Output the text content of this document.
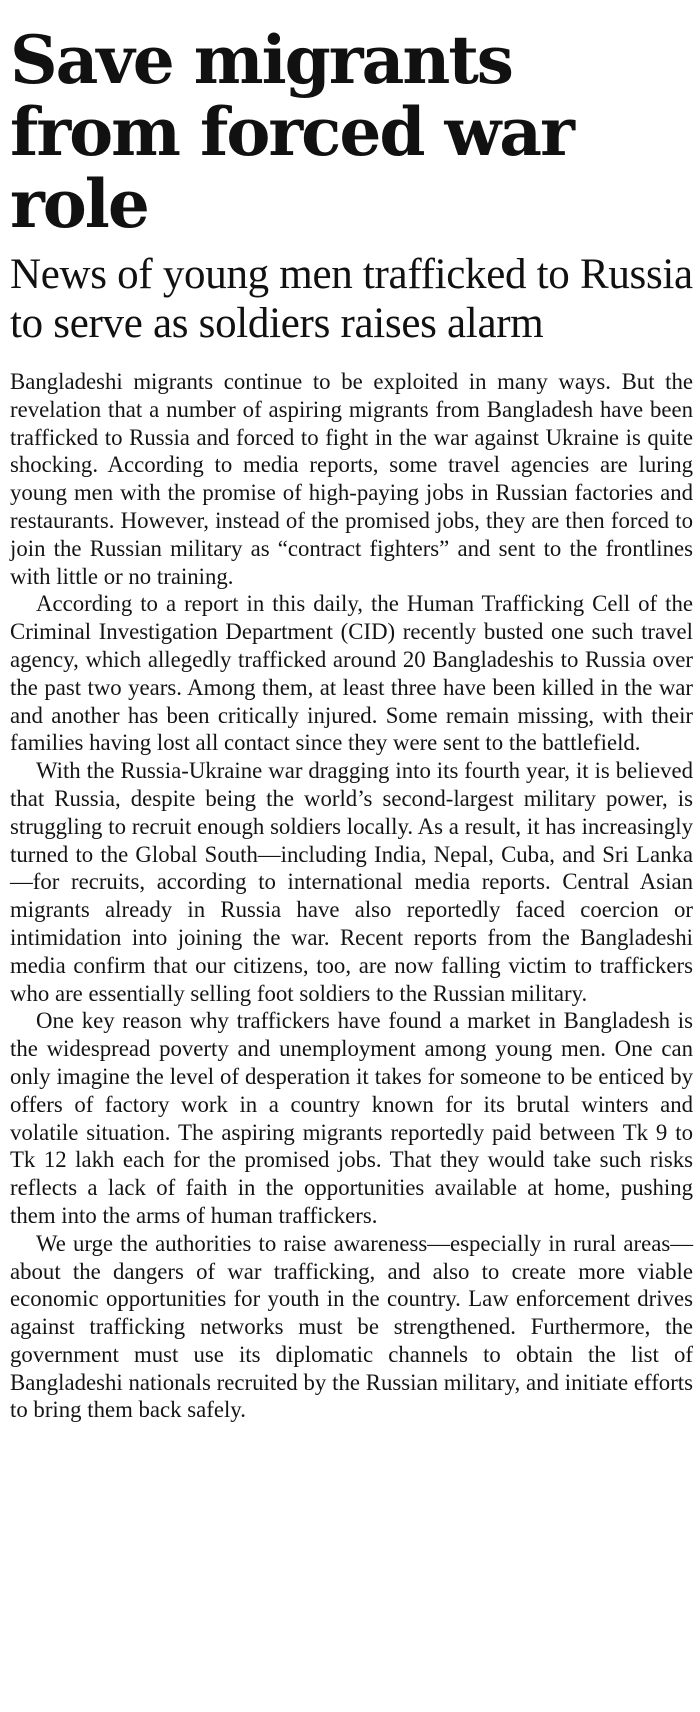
Save migrants from forced war role
News of young men trafficked to Russia to serve as soldiers raises alarm

Bangladeshi migrants continue to be exploited in many ways. But the revelation that a number of aspiring migrants from Bangladesh have been trafficked to Russia and forced to fight in the war against Ukraine is quite shocking. According to media reports, some travel agencies are luring young men with the promise of high-paying jobs in Russian factories and restaurants. However, instead of the promised jobs, they are then forced to join the Russian military as “contract fighters” and sent to the frontlines with little or no training.

According to a report in this daily, the Human Trafficking Cell of the Criminal Investigation Department (CID) recently busted one such travel agency, which allegedly trafficked around 20 Bangladeshis to Russia over the past two years. Among them, at least three have been killed in the war and another has been critically injured. Some remain missing, with their families having lost all contact since they were sent to the battlefield.

With the Russia-Ukraine war dragging into its fourth year, it is believed that Russia, despite being the world’s second-largest military power, is struggling to recruit enough soldiers locally. As a result, it has increasingly turned to the Global South—including India, Nepal, Cuba, and Sri Lanka—for recruits, according to international media reports. Central Asian migrants already in Russia have also reportedly faced coercion or intimidation into joining the war. Recent reports from the Bangladeshi media confirm that our citizens, too, are now falling victim to traffickers who are essentially selling foot soldiers to the Russian military.

One key reason why traffickers have found a market in Bangladesh is the widespread poverty and unemployment among young men. One can only imagine the level of desperation it takes for someone to be enticed by offers of factory work in a country known for its brutal winters and volatile situation. The aspiring migrants reportedly paid between Tk 9 to Tk 12 lakh each for the promised jobs. That they would take such risks reflects a lack of faith in the opportunities available at home, pushing them into the arms of human traffickers.

We urge the authorities to raise awareness—especially in rural areas—about the dangers of war trafficking, and also to create more viable economic opportunities for youth in the country. Law enforcement drives against trafficking networks must be strengthened. Furthermore, the government must use its diplomatic channels to obtain the list of Bangladeshi nationals recruited by the Russian military, and initiate efforts to bring them back safely.
